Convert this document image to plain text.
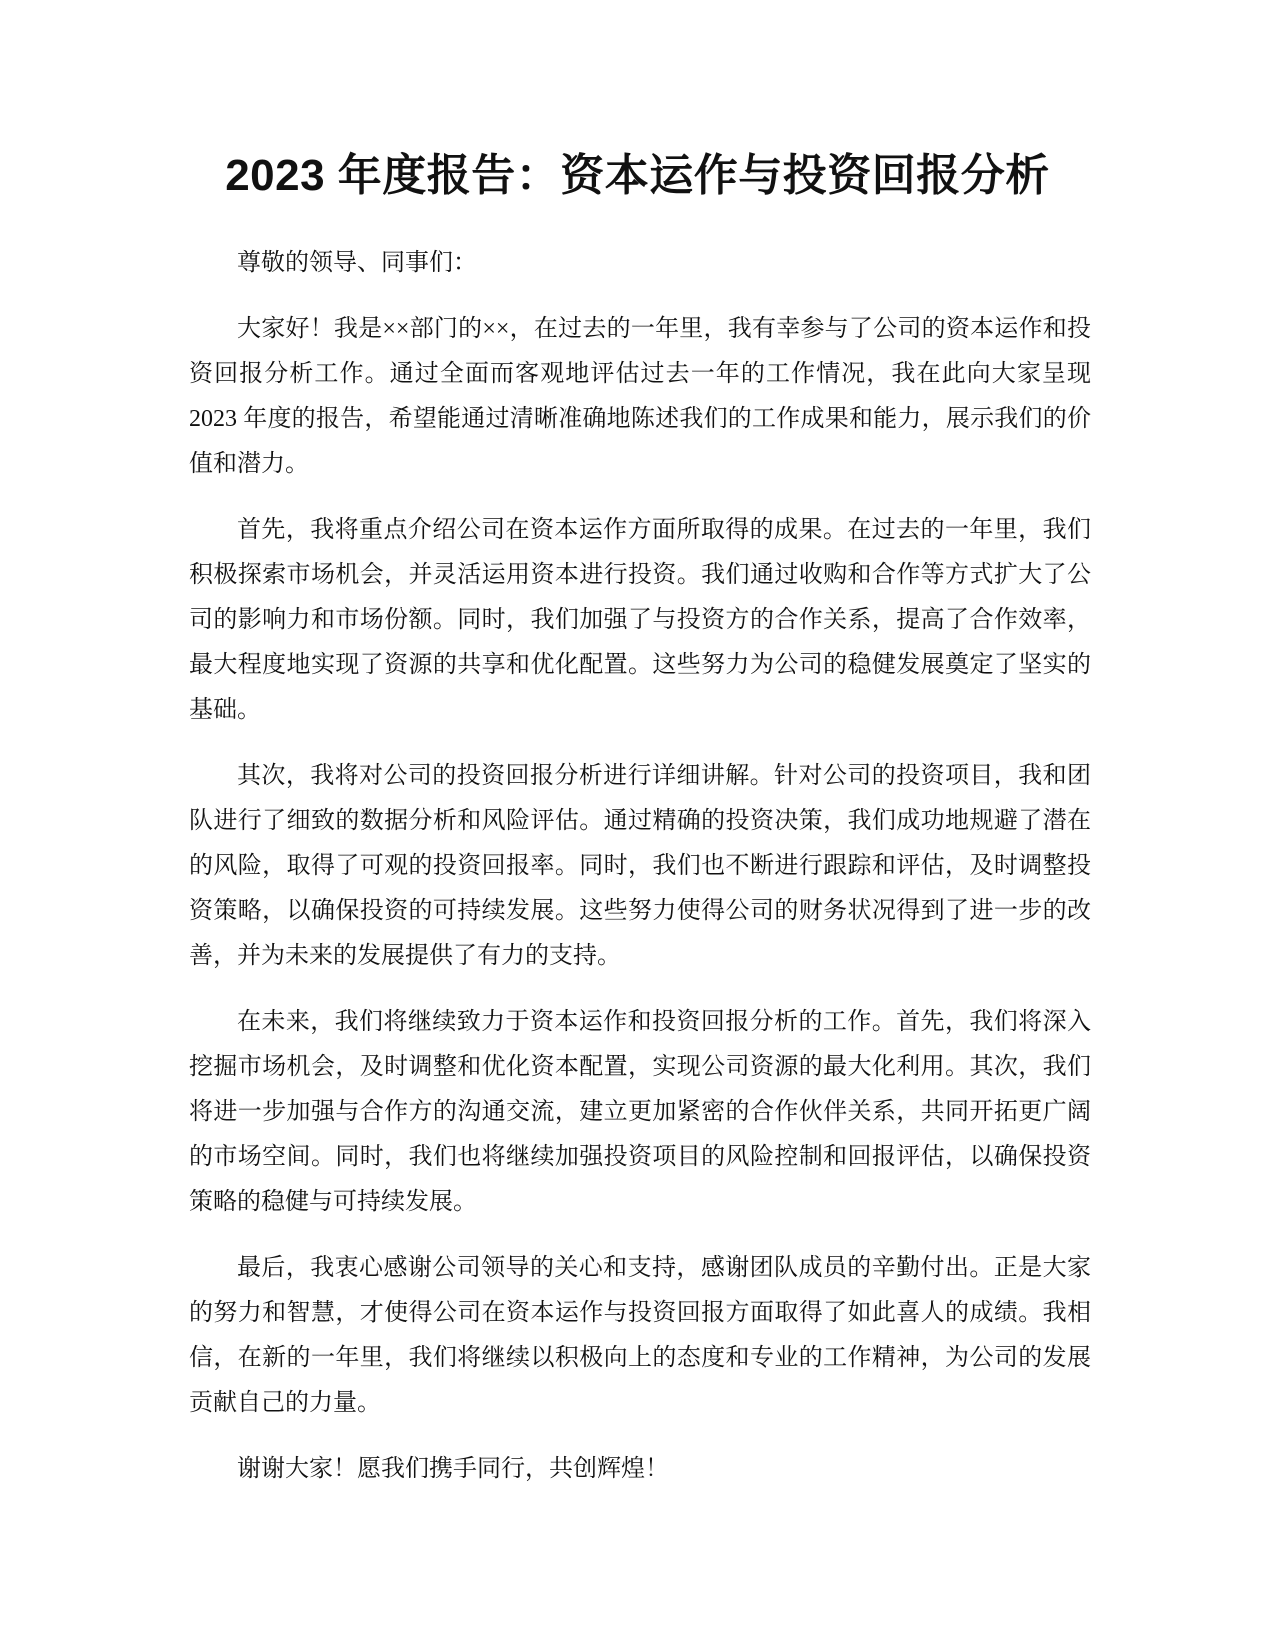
2023 年度报告：资本运作与投资回报分析

尊敬的领导、同事们：

大家好！我是××部门的××，在过去的一年里，我有幸参与了公司的资本运作和投资回报分析工作。通过全面而客观地评估过去一年的工作情况，我在此向大家呈现 2023 年度的报告，希望能通过清晰准确地陈述我们的工作成果和能力，展示我们的价值和潜力。

首先，我将重点介绍公司在资本运作方面所取得的成果。在过去的一年里，我们积极探索市场机会，并灵活运用资本进行投资。我们通过收购和合作等方式扩大了公司的影响力和市场份额。同时，我们加强了与投资方的合作关系，提高了合作效率，最大程度地实现了资源的共享和优化配置。这些努力为公司的稳健发展奠定了坚实的基础。

其次，我将对公司的投资回报分析进行详细讲解。针对公司的投资项目，我和团队进行了细致的数据分析和风险评估。通过精确的投资决策，我们成功地规避了潜在的风险，取得了可观的投资回报率。同时，我们也不断进行跟踪和评估，及时调整投资策略，以确保投资的可持续发展。这些努力使得公司的财务状况得到了进一步的改善，并为未来的发展提供了有力的支持。

在未来，我们将继续致力于资本运作和投资回报分析的工作。首先，我们将深入挖掘市场机会，及时调整和优化资本配置，实现公司资源的最大化利用。其次，我们将进一步加强与合作方的沟通交流，建立更加紧密的合作伙伴关系，共同开拓更广阔的市场空间。同时，我们也将继续加强投资项目的风险控制和回报评估，以确保投资策略的稳健与可持续发展。

最后，我衷心感谢公司领导的关心和支持，感谢团队成员的辛勤付出。正是大家的努力和智慧，才使得公司在资本运作与投资回报方面取得了如此喜人的成绩。我相信，在新的一年里，我们将继续以积极向上的态度和专业的工作精神，为公司的发展贡献自己的力量。

谢谢大家！愿我们携手同行，共创辉煌！
